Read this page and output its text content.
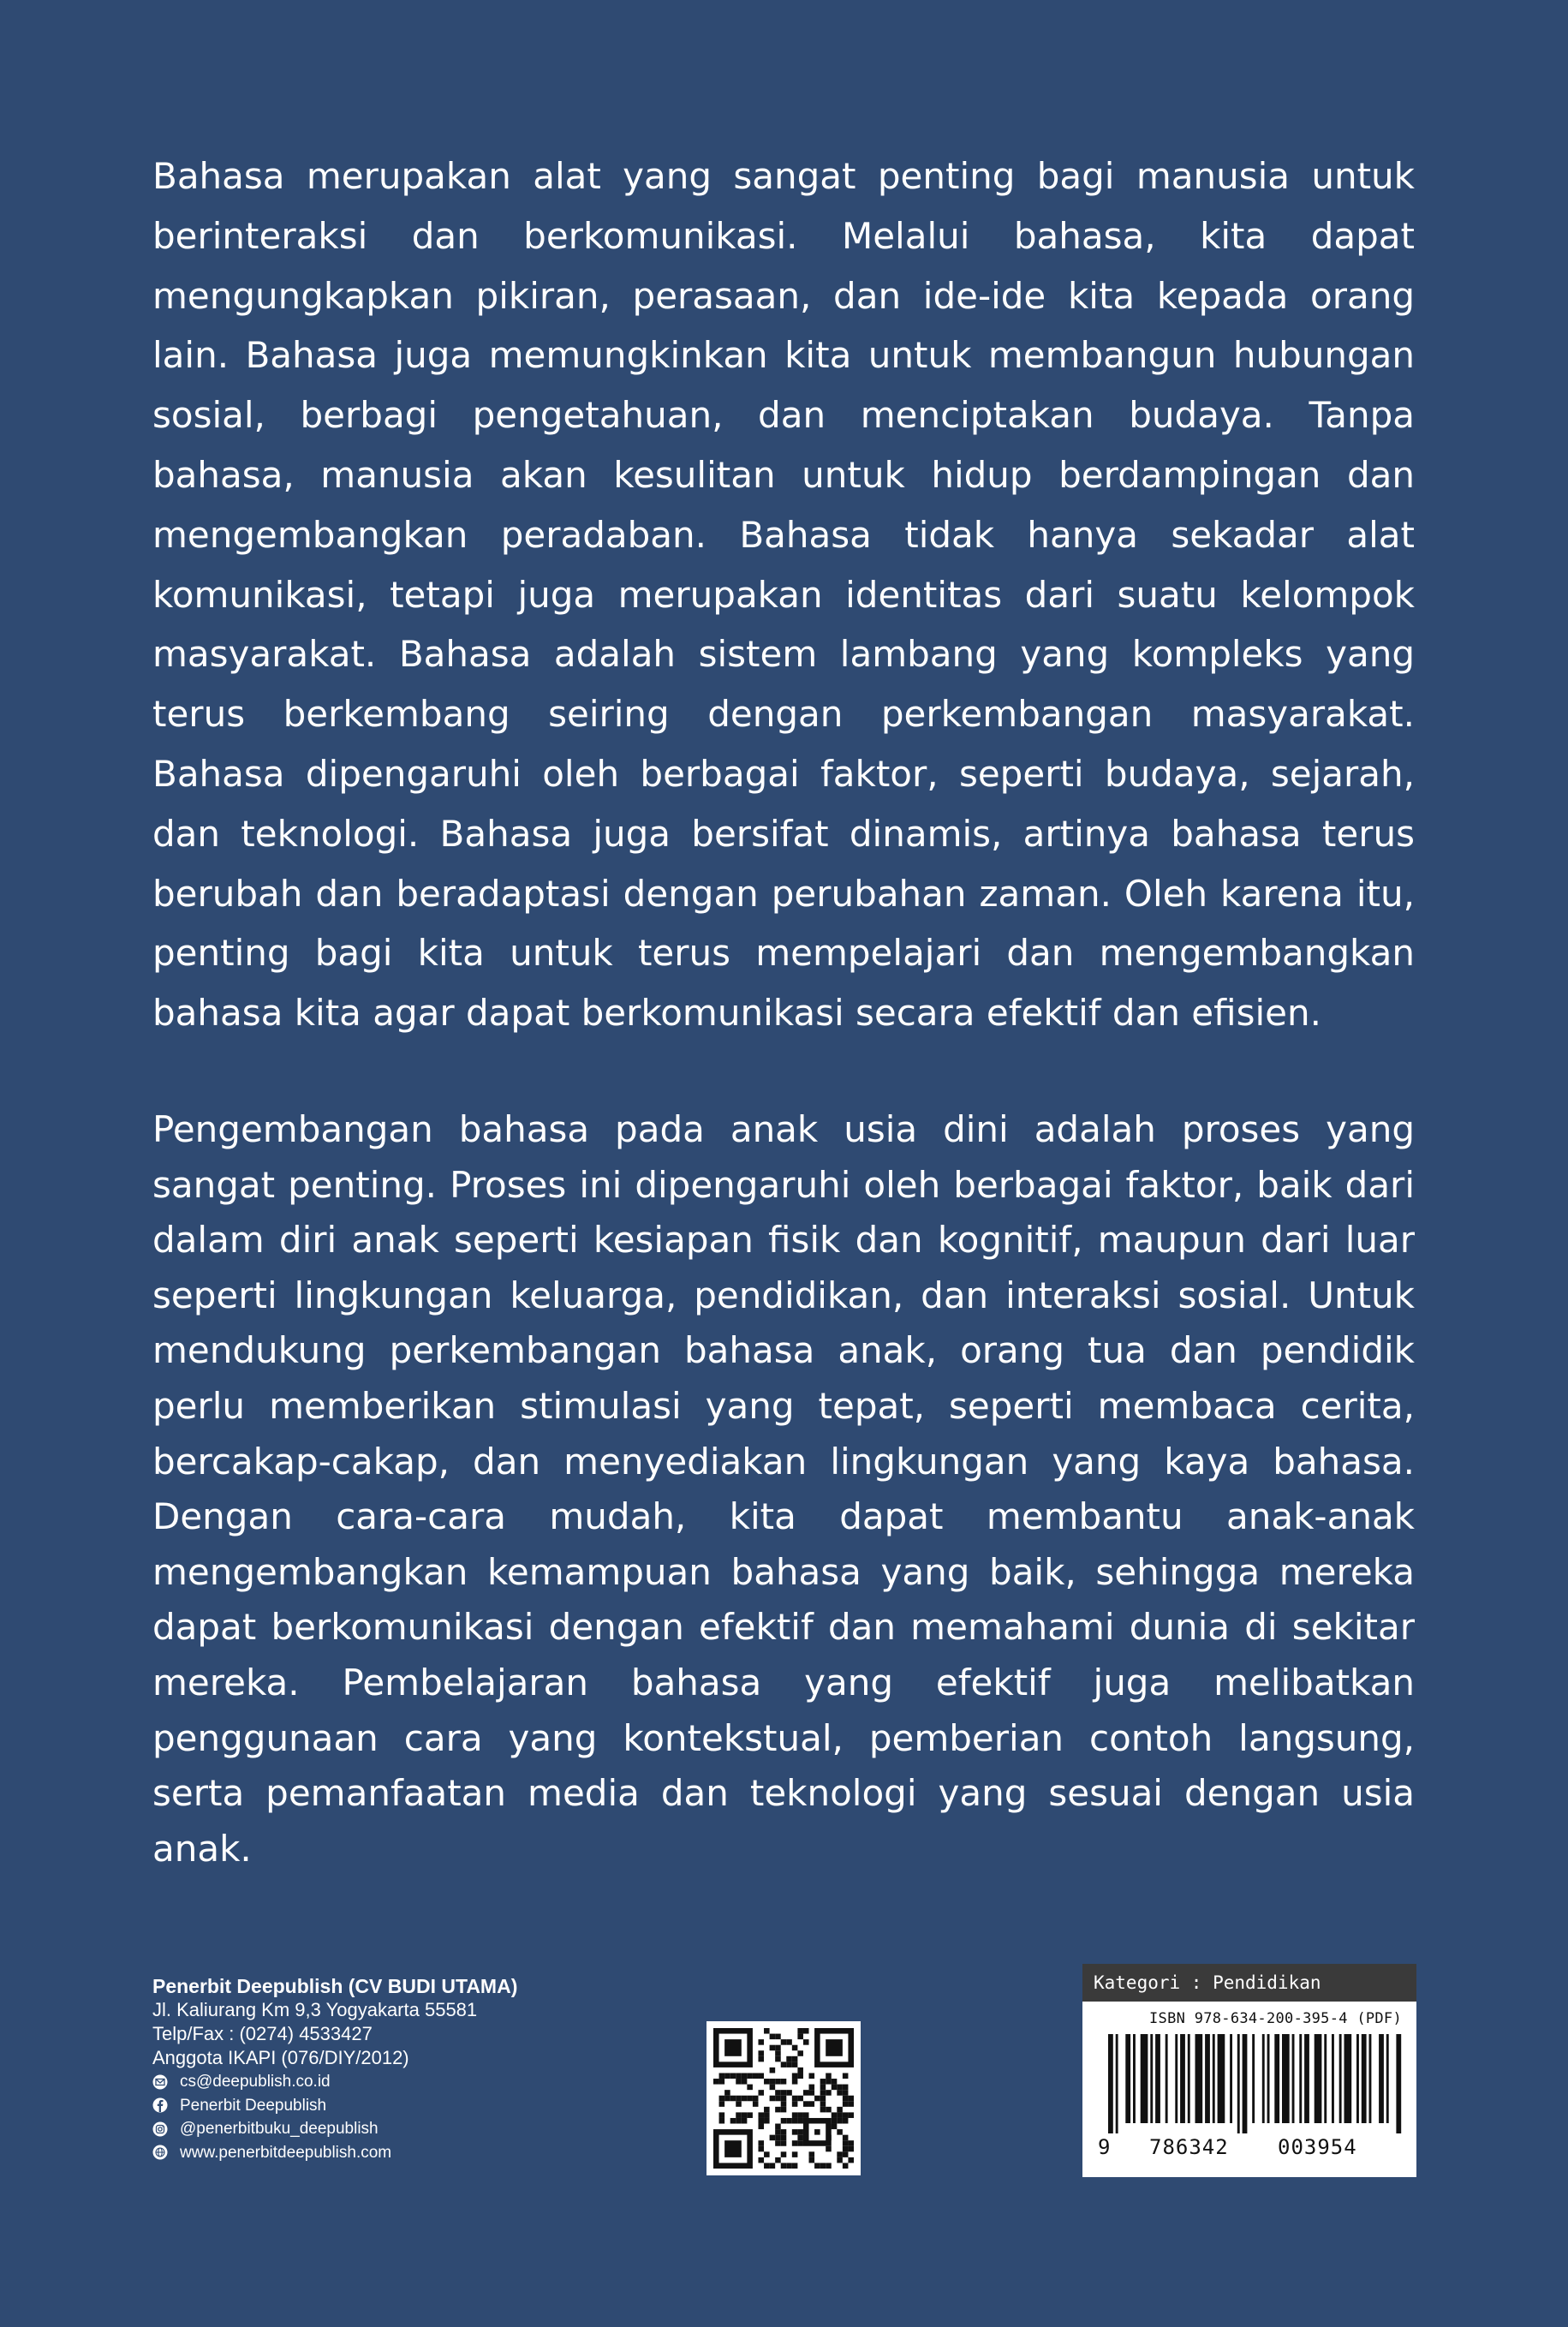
Bahasa merupakan alat yang sangat penting bagi manusia untuk berinteraksi dan berkomunikasi. Melalui bahasa, kita dapat mengungkapkan pikiran, perasaan, dan ide-ide kita kepada orang lain. Bahasa juga memungkinkan kita untuk membangun hubungan sosial, berbagi pengetahuan, dan menciptakan budaya. Tanpa bahasa, manusia akan kesulitan untuk hidup berdampingan dan mengembangkan peradaban. Bahasa tidak hanya sekadar alat komunikasi, tetapi juga merupakan identitas dari suatu kelompok masyarakat. Bahasa adalah sistem lambang yang kompleks yang terus berkembang seiring dengan perkembangan masyarakat. Bahasa dipengaruhi oleh berbagai faktor, seperti budaya, sejarah, dan teknologi. Bahasa juga bersifat dinamis, artinya bahasa terus berubah dan beradaptasi dengan perubahan zaman. Oleh karena itu, penting bagi kita untuk terus mempelajari dan mengembangkan bahasa kita agar dapat berkomunikasi secara efektif dan efisien.

Pengembangan bahasa pada anak usia dini adalah proses yang sangat penting. Proses ini dipengaruhi oleh berbagai faktor, baik dari dalam diri anak seperti kesiapan fisik dan kognitif, maupun dari luar seperti lingkungan keluarga, pendidikan, dan interaksi sosial. Untuk mendukung perkembangan bahasa anak, orang tua dan pendidik perlu memberikan stimulasi yang tepat, seperti membaca cerita, bercakap-cakap, dan menyediakan lingkungan yang kaya bahasa. Dengan cara-cara mudah, kita dapat membantu anak-anak mengembangkan kemampuan bahasa yang baik, sehingga mereka dapat berkomunikasi dengan efektif dan memahami dunia di sekitar mereka. Pembelajaran bahasa yang efektif juga melibatkan penggunaan cara yang kontekstual, pemberian contoh langsung, serta pemanfaatan media dan teknologi yang sesuai dengan usia anak.

Penerbit Deepublish (CV BUDI UTAMA)
Jl. Kaliurang Km 9,3 Yogyakarta 55581
Telp/Fax : (0274) 4533427
Anggota IKAPI (076/DIY/2012)
cs@deepublish.co.id
Penerbit Deepublish
@penerbitbuku_deepublish
www.penerbitdeepublish.com
Kategori : Pendidikan
ISBN 978-634-200-395-4 (PDF)
9 786342 003954
